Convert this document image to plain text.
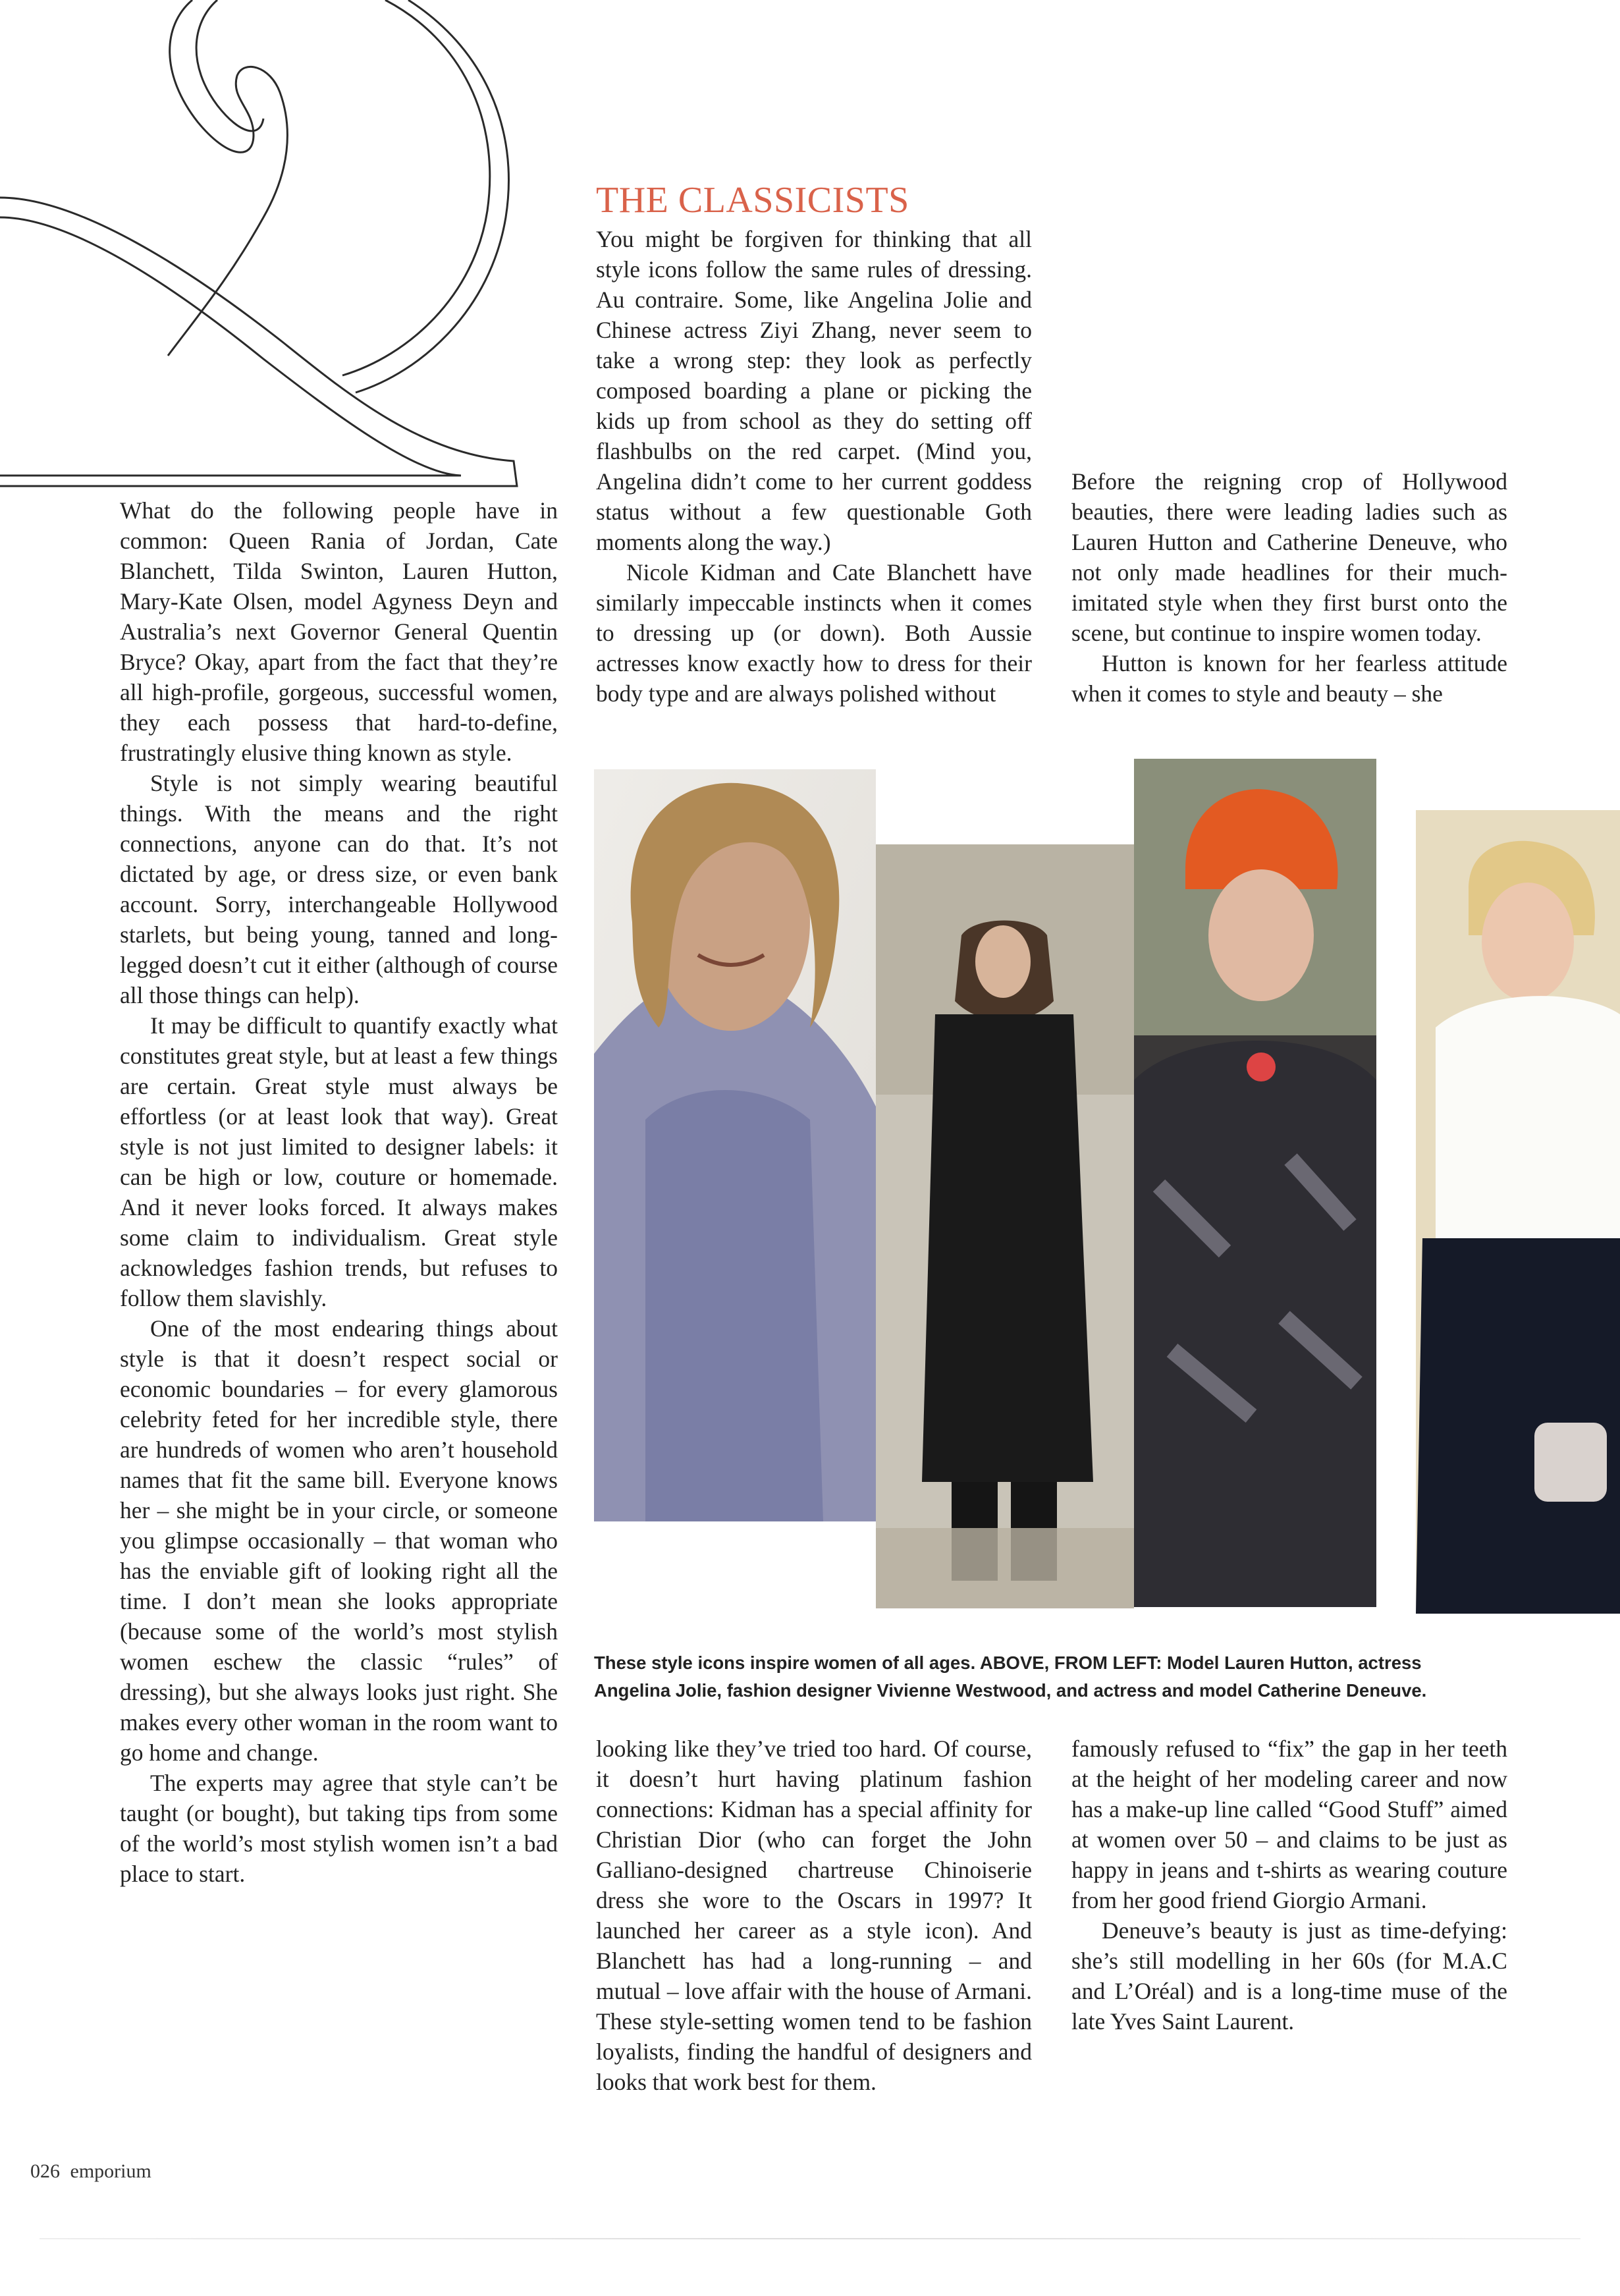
THE CLASSICISTS

What do the following people have in common: Queen Rania of Jordan, Cate Blanchett, Tilda Swinton, Lauren Hutton, Mary-Kate Olsen, model Agyness Deyn and Australia’s next Governor General Quentin Bryce? Okay, apart from the fact that they’re all high-profile, gorgeous, successful women, they each possess that hard-to-define, frustratingly elusive thing known as style.

Style is not simply wearing beautiful things. With the means and the right connections, anyone can do that. It’s not dictated by age, or dress size, or even bank account. Sorry, interchangeable Hollywood starlets, but being young, tanned and long-legged doesn’t cut it either (although of course all those things can help).

It may be difficult to quantify exactly what constitutes great style, but at least a few things are certain. Great style must always be effortless (or at least look that way). Great style is not just limited to designer labels: it can be high or low, couture or homemade. And it never looks forced. It always makes some claim to individualism. Great style acknowledges fashion trends, but refuses to follow them slavishly.

One of the most endearing things about style is that it doesn’t respect social or economic boundaries – for every glamorous celebrity feted for her incredible style, there are hundreds of women who aren’t household names that fit the same bill. Everyone knows her – she might be in your circle, or someone you glimpse occasionally – that woman who has the enviable gift of looking right all the time. I don’t mean she looks appropriate (because some of the world’s most stylish women eschew the classic “rules” of dressing), but she always looks just right. She makes every other woman in the room want to go home and change.

The experts may agree that style can’t be taught (or bought), but taking tips from some of the world’s most stylish women isn’t a bad place to start.

You might be forgiven for thinking that all style icons follow the same rules of dressing. Au contraire. Some, like Angelina Jolie and Chinese actress Ziyi Zhang, never seem to take a wrong step: they look as perfectly composed boarding a plane or picking the kids up from school as they do setting off flashbulbs on the red carpet. (Mind you, Angelina didn’t come to her current goddess status without a few questionable Goth moments along the way.)

Nicole Kidman and Cate Blanchett have similarly impeccable instincts when it comes to dressing up (or down). Both Aussie actresses know exactly how to dress for their body type and are always polished without

Before the reigning crop of Hollywood beauties, there were leading ladies such as Lauren Hutton and Catherine Deneuve, who not only made headlines for their much-imitated style when they first burst onto the scene, but continue to inspire women today.

Hutton is known for her fearless attitude when it comes to style and beauty – she

These style icons inspire women of all ages. ABOVE, FROM LEFT: Model Lauren Hutton, actress
Angelina Jolie, fashion designer Vivienne Westwood, and actress and model Catherine Deneuve.

looking like they’ve tried too hard. Of course, it doesn’t hurt having platinum fashion connections: Kidman has a special affinity for Christian Dior (who can forget the John Galliano-designed chartreuse Chinoiserie dress she wore to the Oscars in 1997? It launched her career as a style icon). And Blanchett has had a long-running – and mutual – love affair with the house of Armani. These style-setting women tend to be fashion loyalists, finding the handful of designers and looks that work best for them.

famously refused to “fix” the gap in her teeth at the height of her modeling career and now has a make-up line called “Good Stuff” aimed at women over 50 – and claims to be just as happy in jeans and t-shirts as wearing couture from her good friend Giorgio Armani.

Deneuve’s beauty is just as time-defying: she’s still modelling in her 60s (for M.A.C and L’Oréal) and is a long-time muse of the late Yves Saint Laurent.

026 emporium
